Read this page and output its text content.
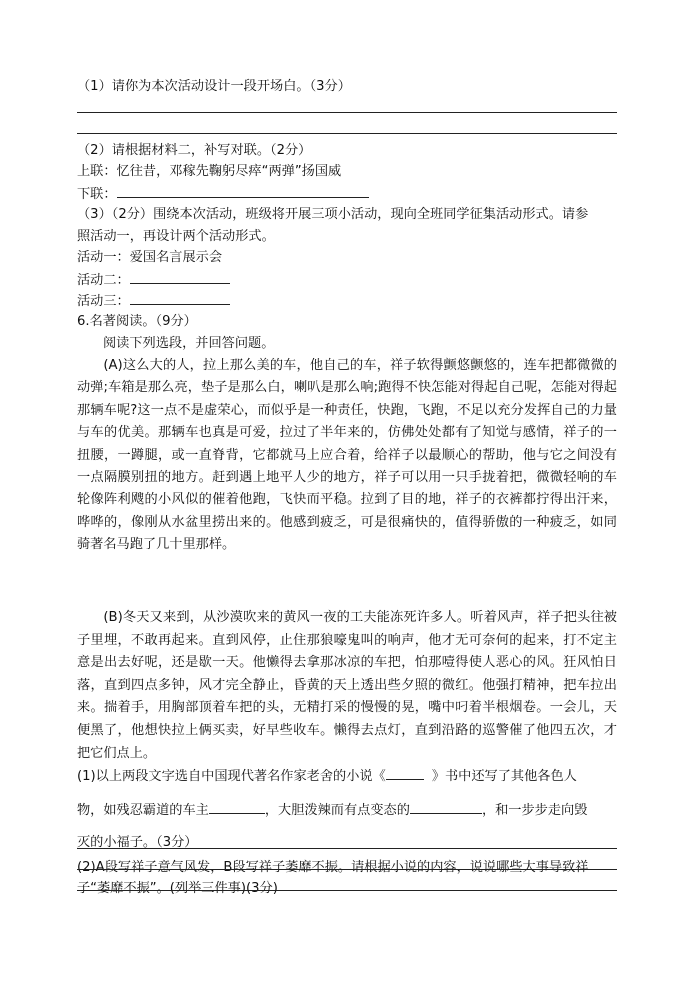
（1）请你为本次活动设计一段开场白。（3分）
（2）请根据材料二，补写对联。（2分）
上联：忆往昔，邓稼先鞠躬尽瘁“两弹”扬国威
下联：
（3）（2分）围绕本次活动，班级将开展三项小活动，现向全班同学征集活动形式。请参
照活动一，再设计两个活动形式。
活动一：爱国名言展示会
活动二：
活动三：
6.名著阅读。（9分）
阅读下列选段，并回答问题。
(A)这么大的人，拉上那么美的车，他自己的车，祥子软得颤悠颤悠的，连车把都微微的动弹;车箱是那么亮，垫子是那么白，喇叭是那么响;跑得不快怎能对得起自己呢，怎能对得起那辆车呢?这一点不是虚荣心，而似乎是一种责任，快跑，飞跑，不足以充分发挥自己的力量与车的优美。那辆车也真是可爱，拉过了半年来的，仿佛处处都有了知觉与感情，祥子的一扭腰，一蹲腿，或一直脊背，它都就马上应合着，给祥子以最顺心的帮助，他与它之间没有一点隔膜别扭的地方。赶到遇上地平人少的地方，祥子可以用一只手拢着把，微微轻响的车轮像阵利飕的小风似的催着他跑，飞快而平稳。拉到了目的地，祥子的衣裤都拧得出汗来，哗哗的，像刚从水盆里捞出来的。他感到疲乏，可是很痛快的，值得骄傲的一种疲乏，如同骑著名马跑了几十里那样。
(B)冬天又来到，从沙漠吹来的黄风一夜的工夫能冻死许多人。听着风声，祥子把头往被子里埋，不敢再起来。直到风停，止住那狼嚎鬼叫的响声，他才无可奈何的起来，打不定主意是出去好呢，还是歇一天。他懒得去拿那冰凉的车把，怕那噎得使人恶心的风。狂风怕日落，直到四点多钟，风才完全静止，昏黄的天上透出些夕照的微红。他强打精神，把车拉出来。揣着手，用胸部顶着车把的头，无精打采的慢慢的晃，嘴中叼着半根烟卷。一会儿，天便黑了，他想快拉上俩买卖，好早些收车。懒得去点灯，直到沿路的巡警催了他四五次，才把它们点上。
(1)以上两段文字选自中国现代著名作家老舍的小说《	》书中还写了其他各色人
物，如残忍霸道的车主	，大胆泼辣而有点变态的	，和一步步走向毁
灭的小福子。（3分）
(2)A段写祥子意气风发，B段写祥子萎靡不振。请根据小说的内容，说说哪些大事导致祥
子“萎靡不振”。(列举三件事)(3分)
